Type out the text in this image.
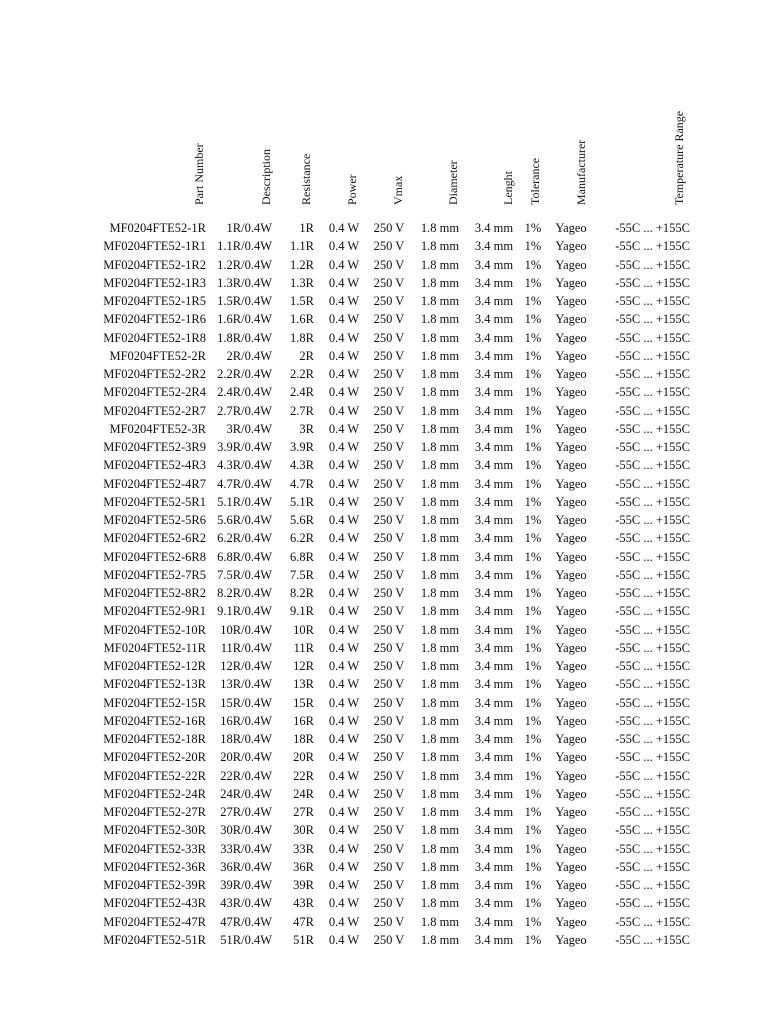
Part Number	Description Resistance	Power	Vmax	Diameter	Lenght Tolerance	Manufacturer	Temperature Range
MF0204FTE52-1R	1R/0.4W	1R	0.4 W	250 V	1.8 mm	3.4 mm 1%	Yageo	-55C ... +155C
MF0204FTE52-1R1 1.1R/0.4W	1.1R	0.4 W	250 V	1.8 mm	3.4 mm 1%	Yageo	-55C ... +155C
MF0204FTE52-1R2 1.2R/0.4W	1.2R	0.4 W	250 V	1.8 mm	3.4 mm 1%	Yageo	-55C ... +155C
MF0204FTE52-1R3 1.3R/0.4W	1.3R	0.4 W	250 V	1.8 mm	3.4 mm 1%	Yageo	-55C ... +155C
MF0204FTE52-1R5 1.5R/0.4W	1.5R	0.4 W	250 V	1.8 mm	3.4 mm 1%	Yageo	-55C ... +155C
MF0204FTE52-1R6 1.6R/0.4W	1.6R	0.4 W	250 V	1.8 mm	3.4 mm 1%	Yageo	-55C ... +155C
MF0204FTE52-1R8 1.8R/0.4W	1.8R	0.4 W	250 V	1.8 mm	3.4 mm 1%	Yageo	-55C ... +155C
MF0204FTE52-2R	2R/0.4W	2R	0.4 W	250 V	1.8 mm	3.4 mm 1%	Yageo	-55C ... +155C
MF0204FTE52-2R2 2.2R/0.4W	2.2R	0.4 W	250 V	1.8 mm	3.4 mm 1%	Yageo	-55C ... +155C
MF0204FTE52-2R4 2.4R/0.4W	2.4R	0.4 W	250 V	1.8 mm	3.4 mm 1%	Yageo	-55C ... +155C
MF0204FTE52-2R7 2.7R/0.4W	2.7R	0.4 W	250 V	1.8 mm	3.4 mm 1%	Yageo	-55C ... +155C
MF0204FTE52-3R	3R/0.4W	3R	0.4 W	250 V	1.8 mm	3.4 mm 1%	Yageo	-55C ... +155C
MF0204FTE52-3R9 3.9R/0.4W	3.9R	0.4 W	250 V	1.8 mm	3.4 mm 1%	Yageo	-55C ... +155C
MF0204FTE52-4R3 4.3R/0.4W	4.3R	0.4 W	250 V	1.8 mm	3.4 mm 1%	Yageo	-55C ... +155C
MF0204FTE52-4R7 4.7R/0.4W	4.7R	0.4 W	250 V	1.8 mm	3.4 mm 1%	Yageo	-55C ... +155C
MF0204FTE52-5R1 5.1R/0.4W	5.1R	0.4 W	250 V	1.8 mm	3.4 mm 1%	Yageo	-55C ... +155C
MF0204FTE52-5R6 5.6R/0.4W	5.6R	0.4 W	250 V	1.8 mm	3.4 mm 1%	Yageo	-55C ... +155C
MF0204FTE52-6R2 6.2R/0.4W	6.2R	0.4 W	250 V	1.8 mm	3.4 mm 1%	Yageo	-55C ... +155C
MF0204FTE52-6R8 6.8R/0.4W	6.8R	0.4 W	250 V	1.8 mm	3.4 mm 1%	Yageo	-55C ... +155C
MF0204FTE52-7R5 7.5R/0.4W	7.5R	0.4 W	250 V	1.8 mm	3.4 mm 1%	Yageo	-55C ... +155C
MF0204FTE52-8R2 8.2R/0.4W	8.2R	0.4 W	250 V	1.8 mm	3.4 mm 1%	Yageo	-55C ... +155C
MF0204FTE52-9R1 9.1R/0.4W	9.1R	0.4 W	250 V	1.8 mm	3.4 mm 1%	Yageo	-55C ... +155C
MF0204FTE52-10R	10R/0.4W	10R	0.4 W	250 V	1.8 mm	3.4 mm 1%	Yageo	-55C ... +155C
MF0204FTE52-11R	11R/0.4W	11R	0.4 W	250 V	1.8 mm	3.4 mm 1%	Yageo	-55C ... +155C
MF0204FTE52-12R	12R/0.4W	12R	0.4 W	250 V	1.8 mm	3.4 mm 1%	Yageo	-55C ... +155C
MF0204FTE52-13R	13R/0.4W	13R	0.4 W	250 V	1.8 mm	3.4 mm 1%	Yageo	-55C ... +155C
MF0204FTE52-15R	15R/0.4W	15R	0.4 W	250 V	1.8 mm	3.4 mm 1%	Yageo	-55C ... +155C
MF0204FTE52-16R	16R/0.4W	16R	0.4 W	250 V	1.8 mm	3.4 mm 1%	Yageo	-55C ... +155C
MF0204FTE52-18R	18R/0.4W	18R	0.4 W	250 V	1.8 mm	3.4 mm 1%	Yageo	-55C ... +155C
MF0204FTE52-20R	20R/0.4W	20R	0.4 W	250 V	1.8 mm	3.4 mm 1%	Yageo	-55C ... +155C
MF0204FTE52-22R	22R/0.4W	22R	0.4 W	250 V	1.8 mm	3.4 mm 1%	Yageo	-55C ... +155C
MF0204FTE52-24R	24R/0.4W	24R	0.4 W	250 V	1.8 mm	3.4 mm 1%	Yageo	-55C ... +155C
MF0204FTE52-27R	27R/0.4W	27R	0.4 W	250 V	1.8 mm	3.4 mm 1%	Yageo	-55C ... +155C
MF0204FTE52-30R	30R/0.4W	30R	0.4 W	250 V	1.8 mm	3.4 mm 1%	Yageo	-55C ... +155C
MF0204FTE52-33R	33R/0.4W	33R	0.4 W	250 V	1.8 mm	3.4 mm 1%	Yageo	-55C ... +155C
MF0204FTE52-36R	36R/0.4W	36R	0.4 W	250 V	1.8 mm	3.4 mm 1%	Yageo	-55C ... +155C
MF0204FTE52-39R	39R/0.4W	39R	0.4 W	250 V	1.8 mm	3.4 mm 1%	Yageo	-55C ... +155C
MF0204FTE52-43R	43R/0.4W	43R	0.4 W	250 V	1.8 mm	3.4 mm 1%	Yageo	-55C ... +155C
MF0204FTE52-47R	47R/0.4W	47R	0.4 W	250 V	1.8 mm	3.4 mm 1%	Yageo	-55C ... +155C
MF0204FTE52-51R	51R/0.4W	51R	0.4 W	250 V	1.8 mm	3.4 mm 1%	Yageo	-55C ... +155C
